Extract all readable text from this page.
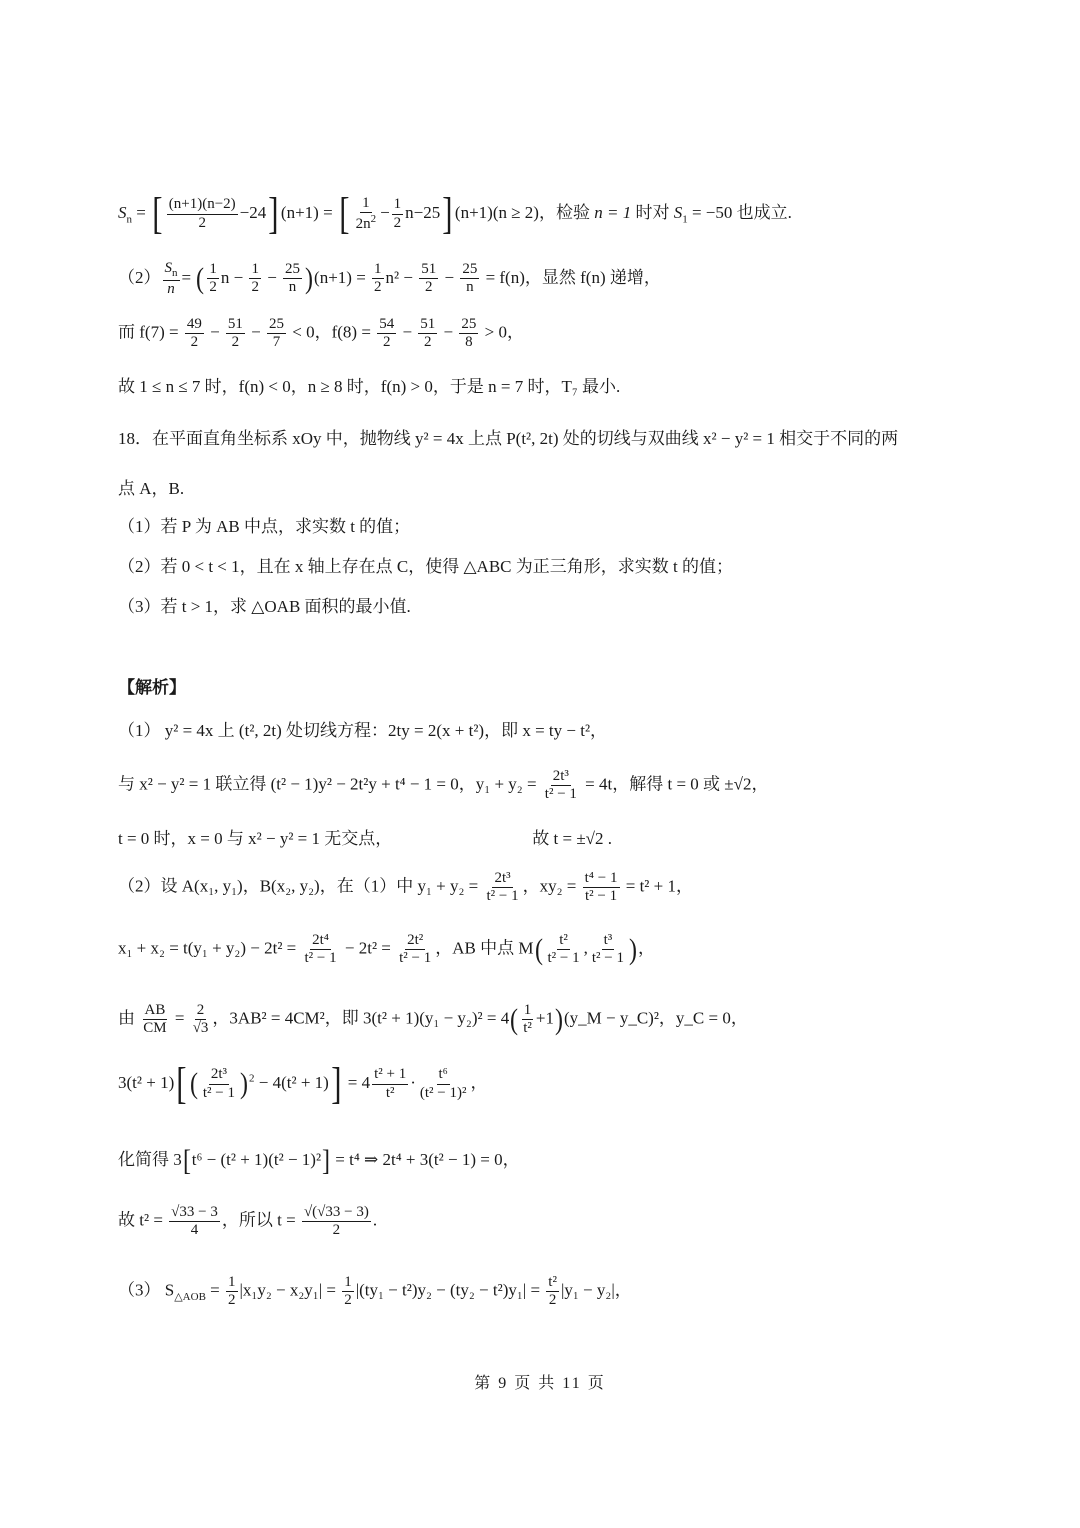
$S_n$ = [ $\frac{(n+1)(n-2)}{2} -24$] (n+1) = [ $\frac{1}{2n^2} - \frac{1}{2} n-25$] (n+1)(n ≥ 2)，检验 n = 1 时对 $S_1 = -50$ 也成立.
$(2) \frac{S_n}{n}$ = ( $\frac{1}{2}$ $n - \frac{1}{2} - \frac{25}{n} )(n+1) = \frac{1}{2} n^2 - \frac{51}{2} - \frac{25}{n} = f(n)$，显然 f(n) 递增，
而 $f(7) = \frac{49}{2} - \frac{51}{2} - \frac{25}{7} < 0$，$f(8) = \frac{54}{2} - \frac{51}{2} - \frac{25}{8} > 0$，
故 1 ≤ n ≤ 7 时，f(n) < 0，n ≥ 8 时，f(n) > 0，于是 n = 7 时，T₇ 最小.
18．在平面直角坐标系 xOy 中，抛物线 y² = 4x 上点 P(t², 2t) 处的切线与双曲线 x² − y² = 1 相交于不同的两
点 A，B.
（1）若 P 为 AB 中点，求实数 t 的值；
（2）若 0 < t < 1，且在 x 轴上存在点 C，使得 △ABC 为正三角形，求实数 t 的值；
（3）若 t > 1，求 △OAB 面积的最小值.
【解析】
（1） y² = 4x 上 (t², 2t) 处切线方程：2ty = 2(x + t²)，即 x = ty − t²，
与 x² − y² = 1 联立得 (t² − 1)y² − 2t²y + t⁴ − 1 = 0，$y_1 + y_2 = \frac{\text{2t³}}{\text{t² − 1}} = 4t$，解得 t = 0 或 ±√2，
t = 0 时，x = 0 与 x² − y² = 1 无交点，	故 t = ±√2 .
（2）设 A(x₁, y₁)，B(x₂, y₂)，在（1）中 $y_1 + y_2 = \frac{\text{2t³}}{\text{t² − 1}}$ ，$xy_2 = \frac{\text{t⁴ − 1}}{\text{t² − 1}} = t^2 + 1$，
$x_1 + x_2 = t(y_1 + y_2) - 2t^2 = \frac{\text{2t⁴}}{\text{t² − 1}} - 2t^2 = \frac{\text{2t²}}{\text{t² − 1}}$ ，AB 中点 $M( \frac{\text{t²}}{\text{t² − 1}}$ , $\frac{\text{t³}}{\text{t² − 1}}$ )，
由 $\frac{AB}{CM} = \frac{2}{√3}$ ，3AB² = 4CM²，即 $3(t^2 + 1)(y_1 - y_2)^2 = 4( \frac{1}{\text{t²}}$ +1)(y_M − y_C)²，y_C = 0，
3(t² + 1)[ ( $\frac{\text{2t³}}{\text{t² − 1}} )^2 - 4(t^2 + 1)] = 4 \frac{\text{t² + 1}}{\text{t²}} \cdot \frac{\text{t⁶}}{\text{(t² − 1)²}}$ ，
化简得 3[t⁶ − (t² + 1)(t² − 1)²] = t⁴ ⇒ 2t⁴ + 3(t² − 1) = 0，
故 $t^2 = \frac{√33 - 3}{4}$ ，所以 $t = \frac{√(√33 - 3)}{2}$ .
（3） $S_{\triangle AOB} = \frac{1}{2} |x_1y_2 - x_2y_1| = \frac{1}{2} |(ty_1 - t^2)y_2 - (ty_2 - t^2)y_1| = \frac{\text{t²}}{2} |y_1 - y_2|$，
第 9 页 共 11 页
